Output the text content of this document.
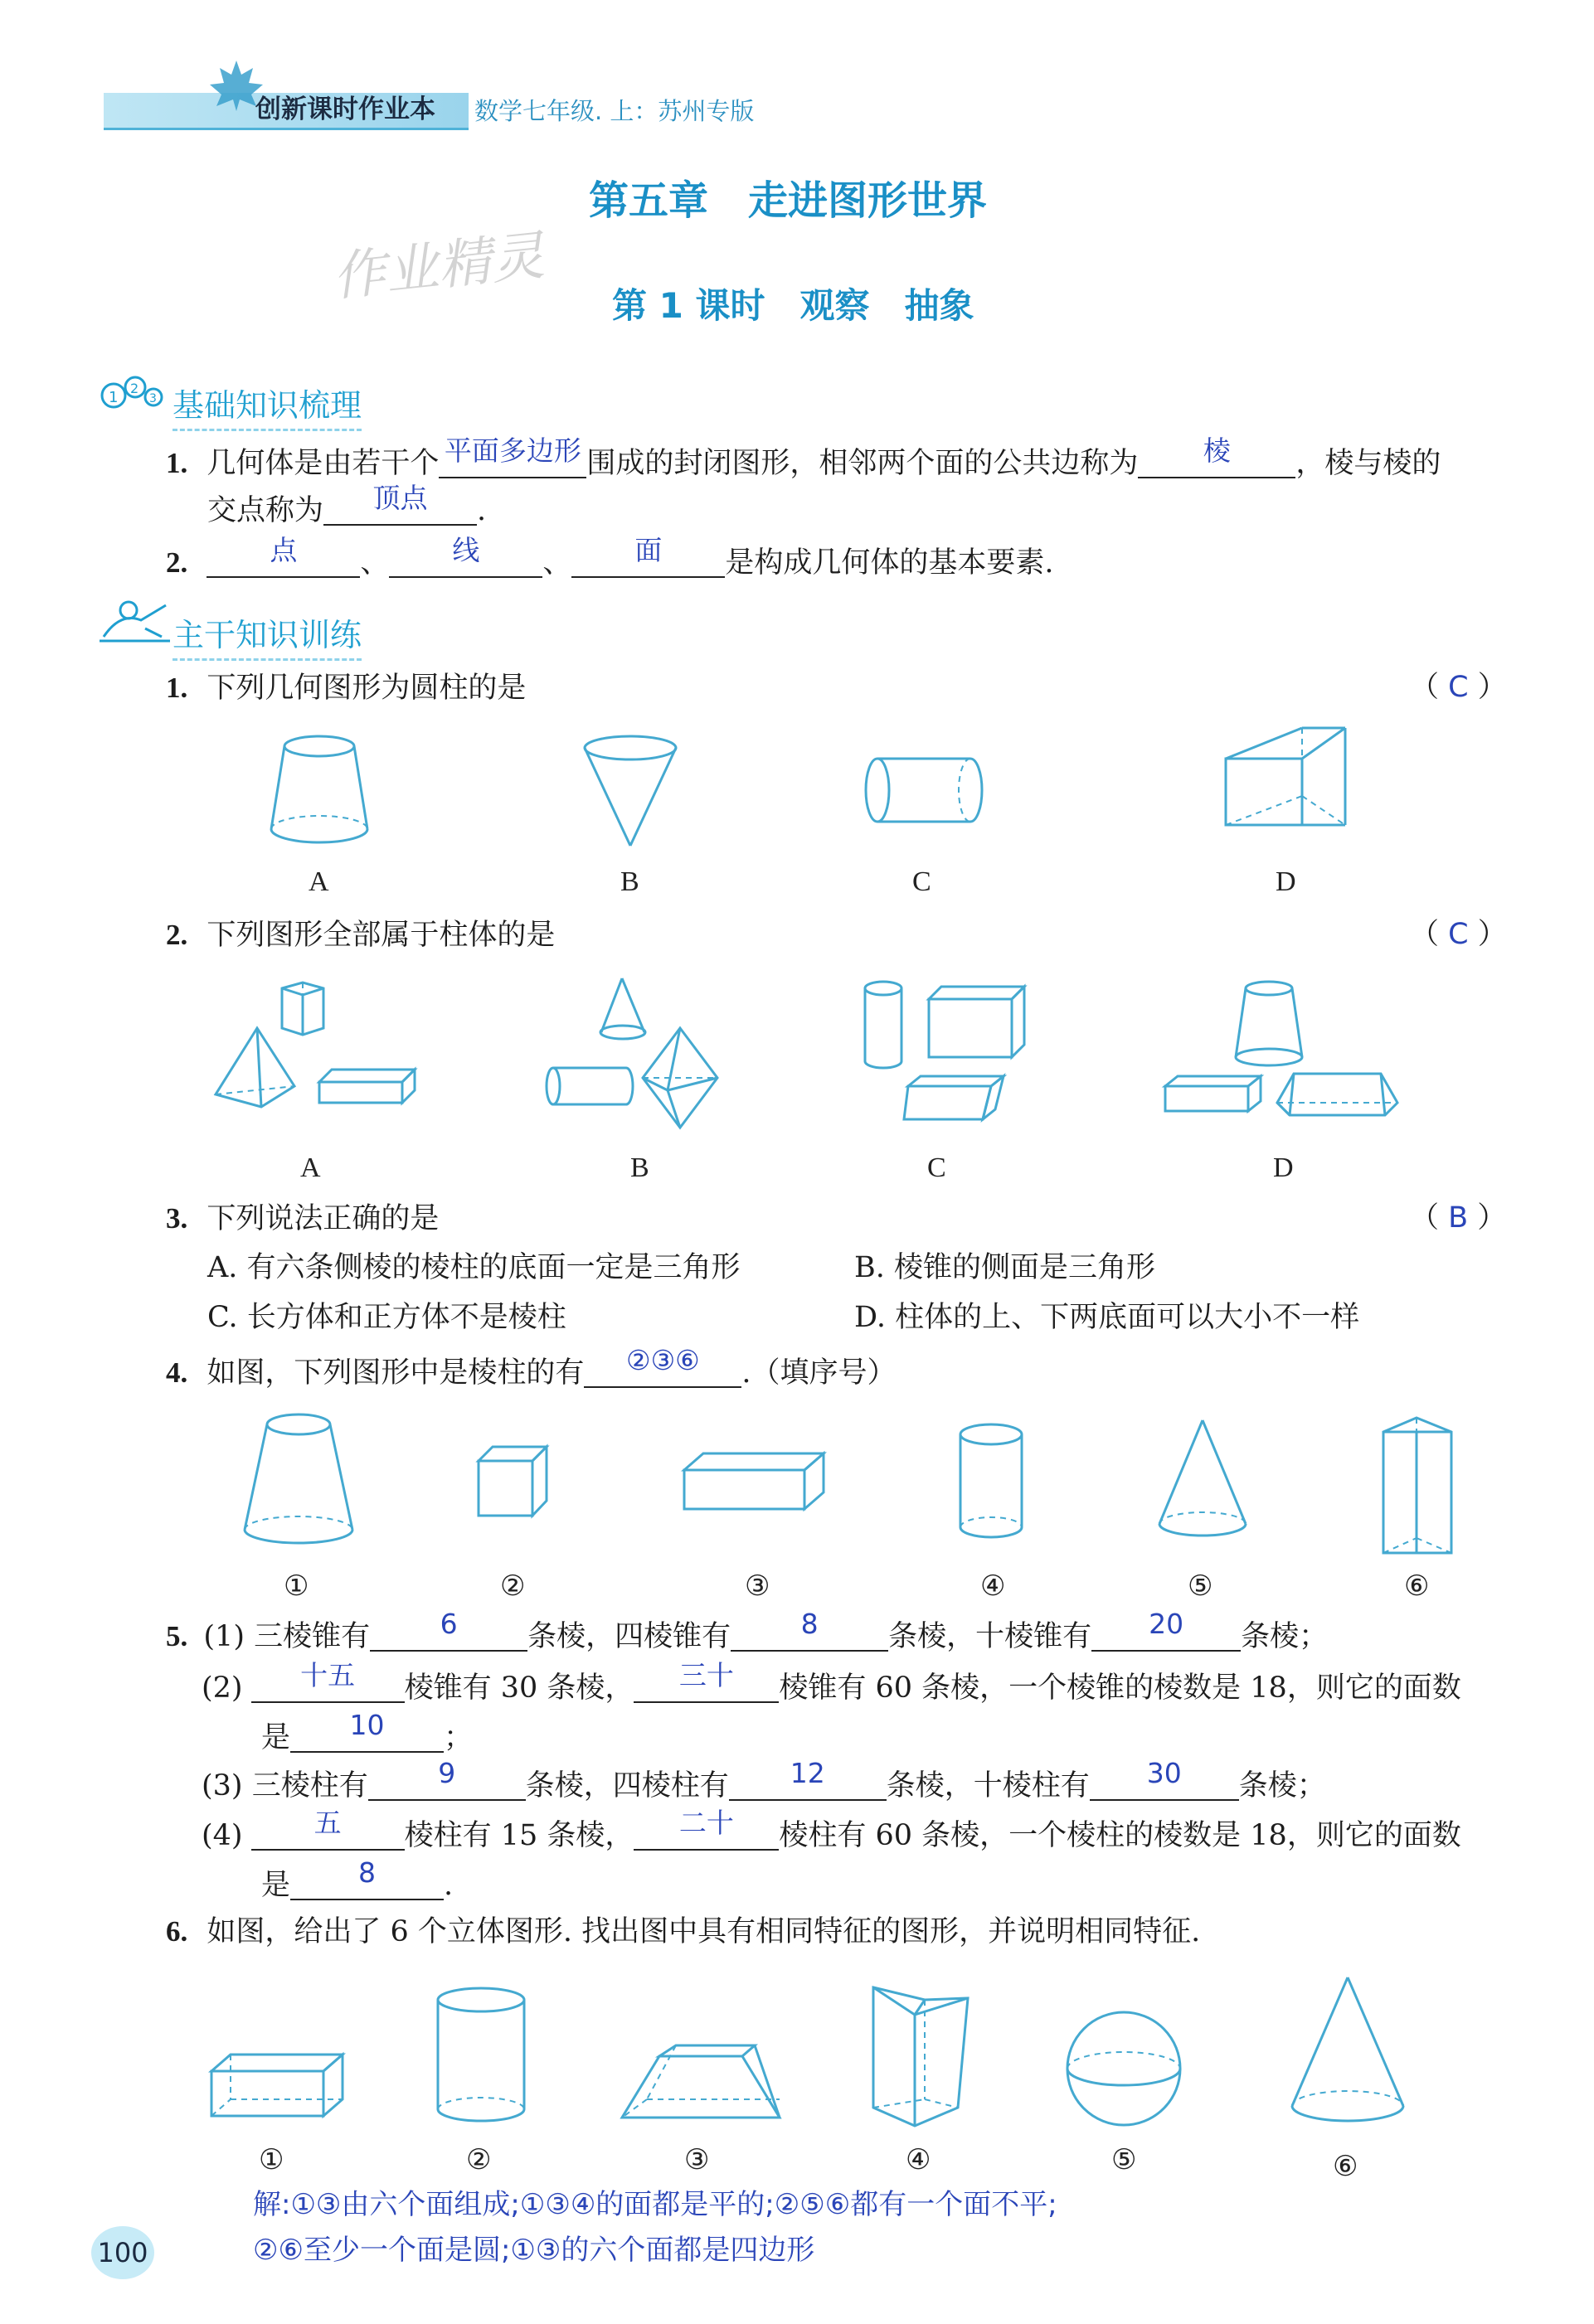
创新课时作业本 数学七年级. 上：苏州专版
作业精灵
第五章　走进图形世界
第 1 课时　观察　抽象
1
2
3 基础知识梳理
1. 几何体是由若干个 平面多边形 围成的封闭图形，相邻两个面的公共边称为	棱	，棱与棱的
交点称为	顶点	.
2.	点	、	线	、	面	是构成几何体的基本要素.
主干知识训练
1. 下列几何图形为圆柱的是	（ C ）
A	B	C	D
2. 下列图形全部属于柱体的是	（ C ）
A	B	C	D
3. 下列说法正确的是	（ B ）
A. 有六条侧棱的棱柱的底面一定是三角形	B. 棱锥的侧面是三角形
C. 长方体和正方体不是棱柱	D. 柱体的上、下两底面可以大小不一样
4. 如图，下列图形中是棱柱的有	②③⑥	.（填序号）
①	②	③	④	⑤	⑥
5. (1) 三棱锥有	6	条棱，四棱锥有	8	条棱，十棱锥有	20	条棱；
(2)	十五	棱锥有 30 条棱，	三十	棱锥有 60 条棱，一个棱锥的棱数是 18，则它的面数
是	10	；
(3) 三棱柱有	9	条棱，四棱柱有	12	条棱，十棱柱有	30	条棱；
(4)	五	棱柱有 15 条棱，	二十	棱柱有 60 条棱，一个棱柱的棱数是 18，则它的面数
是	8	.
6. 如图，给出了 6 个立体图形. 找出图中具有相同特征的图形，并说明相同特征.
①	②	③	④	⑤	⑥
解:①③由六个面组成;①③④的面都是平的;②⑤⑥都有一个面不平;
②⑥至少一个面是圆;①③的六个面都是四边形
100
